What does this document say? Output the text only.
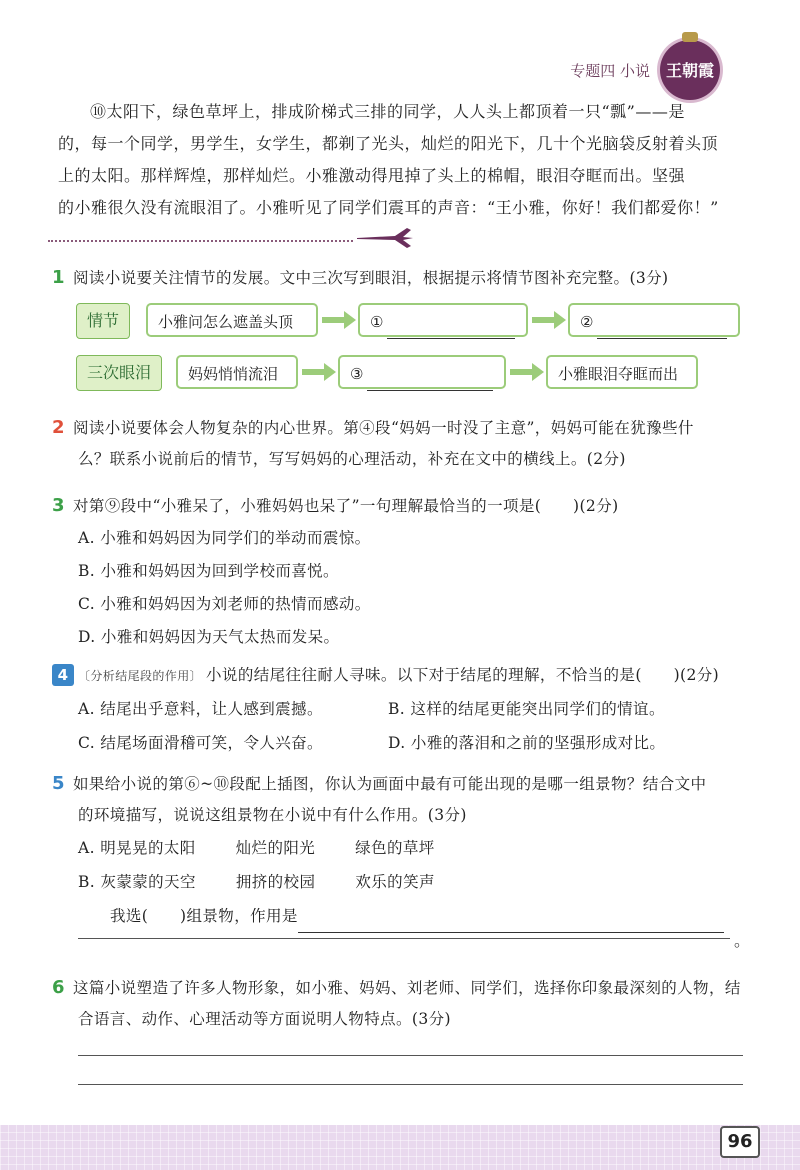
专题四 小说 王朝霞

⑩太阳下，绿色草坪上，排成阶梯式三排的同学，人人头上都顶着一只“瓢”——是

的，每一个同学，男学生，女学生，都剃了光头，灿烂的阳光下，几十个光脑袋反射着头顶
上的太阳。那样辉煌，那样灿烂。小雅激动得甩掉了头上的棉帽，眼泪夺眶而出。坚强
的小雅很久没有流眼泪了。小雅听见了同学们震耳的声音：“王小雅，你好！我们都爱你！”
1 阅读小说要关注情节的发展。文中三次写到眼泪，根据提示将情节图补充完整。(3分)
情节	小雅问怎么遮盖头顶	①	②
三次眼泪	妈妈悄悄流泪	③	小雅眼泪夺眶而出
2 阅读小说要体会人物复杂的内心世界。第④段“妈妈一时没了主意”，妈妈可能在犹豫些什
么？联系小说前后的情节，写写妈妈的心理活动，补充在文中的横线上。(2分)
3 对第⑨段中“小雅呆了，小雅妈妈也呆了”一句理解最恰当的一项是(　　)(2分)

A. 小雅和妈妈因为同学们的举动而震惊。

B. 小雅和妈妈因为回到学校而喜悦。

C. 小雅和妈妈因为刘老师的热情而感动。

D. 小雅和妈妈因为天气太热而发呆。

4 〔分析结尾段的作用〕 小说的结尾往往耐人寻味。以下对于结尾的理解，不恰当的是(　　)(2分)
A. 结尾出乎意料，让人感到震撼。	B. 这样的结尾更能突出同学们的情谊。
C. 结尾场面滑稽可笑，令人兴奋。	D. 小雅的落泪和之前的坚强形成对比。
5 如果给小说的第⑥~⑩段配上插图，你认为画面中最有可能出现的是哪一组景物？结合文中
的环境描写，说说这组景物在小说中有什么作用。(3分)
A. 明晃晃的太阳	灿烂的阳光	绿色的草坪
B. 灰蒙蒙的天空	拥挤的校园	欢乐的笑声
我选(　　)组景物，作用是
。
6 这篇小说塑造了许多人物形象，如小雅、妈妈、刘老师、同学们，选择你印象最深刻的人物，结
合语言、动作、心理活动等方面说明人物特点。(3分)
96
